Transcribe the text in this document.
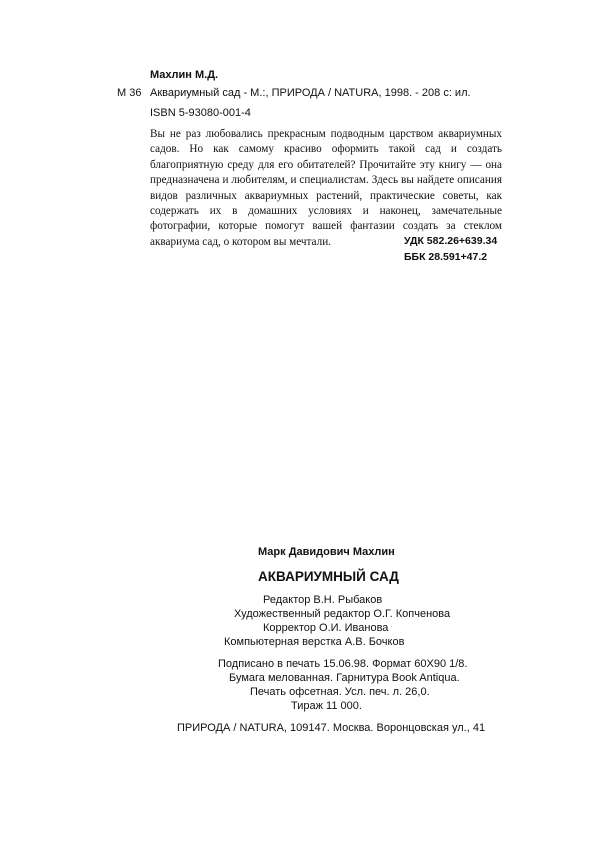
Махлин М.Д.
М 36 Аквариумный сад - М.:, ПРИРОДА / NATURA, 1998. - 208 с: ил.
ISBN 5-93080-001-4

Вы не раз любовались прекрасным подводным царством аквариумных садов. Но как самому красиво оформить такой сад и создать благоприятную среду для его обитателей? Прочитайте эту книгу — она предназначена и любителям, и специалистам. Здесь вы найдете описания видов различных аквариумных растений, практические советы, как содержать их в домашних условиях и наконец, замечательные фотографии, которые помогут вашей фантазии создать за стеклом аквариума сад, о котором вы мечтали.	УДК 582.26+639.34
ББК 28.591+47.2
Марк Давидович Махлин
АКВАРИУМНЫЙ САД
Редактор В.Н. Рыбаков
Художественный редактор О.Г. Копченова
Корректор О.И. Иванова
Компьютерная верстка А.В. Бочков
Подписано в печать 15.06.98. Формат 60Х90 1/8.
Бумага мелованная. Гарнитура Book Antiqua.
Печать офсетная. Усл. печ. л. 26,0.
Тираж 11 000.
ПРИРОДА / NATURA, 109147. Москва. Воронцовская ул., 41
